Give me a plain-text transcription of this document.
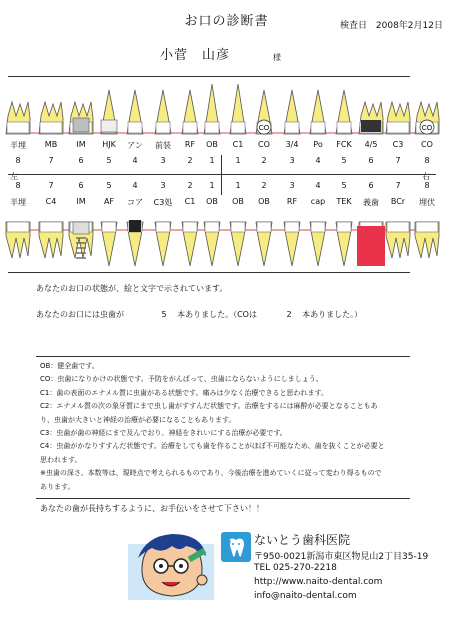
お口の診断書	検査日 2008年2月12日
小菅　山彦	様
CO	CO
半埋	MB	IM	HJK	アン	前装	RF	OB	C1	CO	3/4	Po	FCK	4/5	C3	CO
8	7	6	5	4	3	2	1	1	2	3	4	5	6	7	8
左	右
8	7	6	5	4	3	2	1	1	2	3	4	5	6	7	8
半埋	C4	IM	AF	コア	C3処	C1	OB	OB	OB	RF	cap	TEK	義歯	BCr	埋伏
あなたのお口の状態が、絵と文字で示されています。
あなたのお口には虫歯が	5 本ありました。（COは	2 本ありました。）
OB：健全歯です。
CO：虫歯になりかけの状態です。予防をがんばって、虫歯にならないようにしましょう。
C1：歯の表面のエナメル質に虫歯がある状態です。痛みは少なく治療できると思われます。
C2：エナメル質の次の象牙質にまで虫し歯がすすんだ状態です。治療をするには麻酔が必要となることもあ
り、虫歯が大きいと神経の治療が必要になることもあります。
C3：虫歯が歯の神経にまで及んでおり、神経をきれいにする治療が必要です。
C4：虫歯がかなりすすんだ状態です。治療をしても歯を作ることがほぼ不可能なため、歯を抜くことが必要と
思われます。
※虫歯の深さ、本数等は、現時点で考えられるものであり、今後治療を進めていくに従って変わり得るもので
あります。
あなたの歯が長持ちするように、お手伝いをさせて下さい！！
ないとう歯科医院
〒950-0021新潟市東区物見山2丁目35-19
TEL 025-270-2218
http://www.naito-dental.com
info@naito-dental.com
